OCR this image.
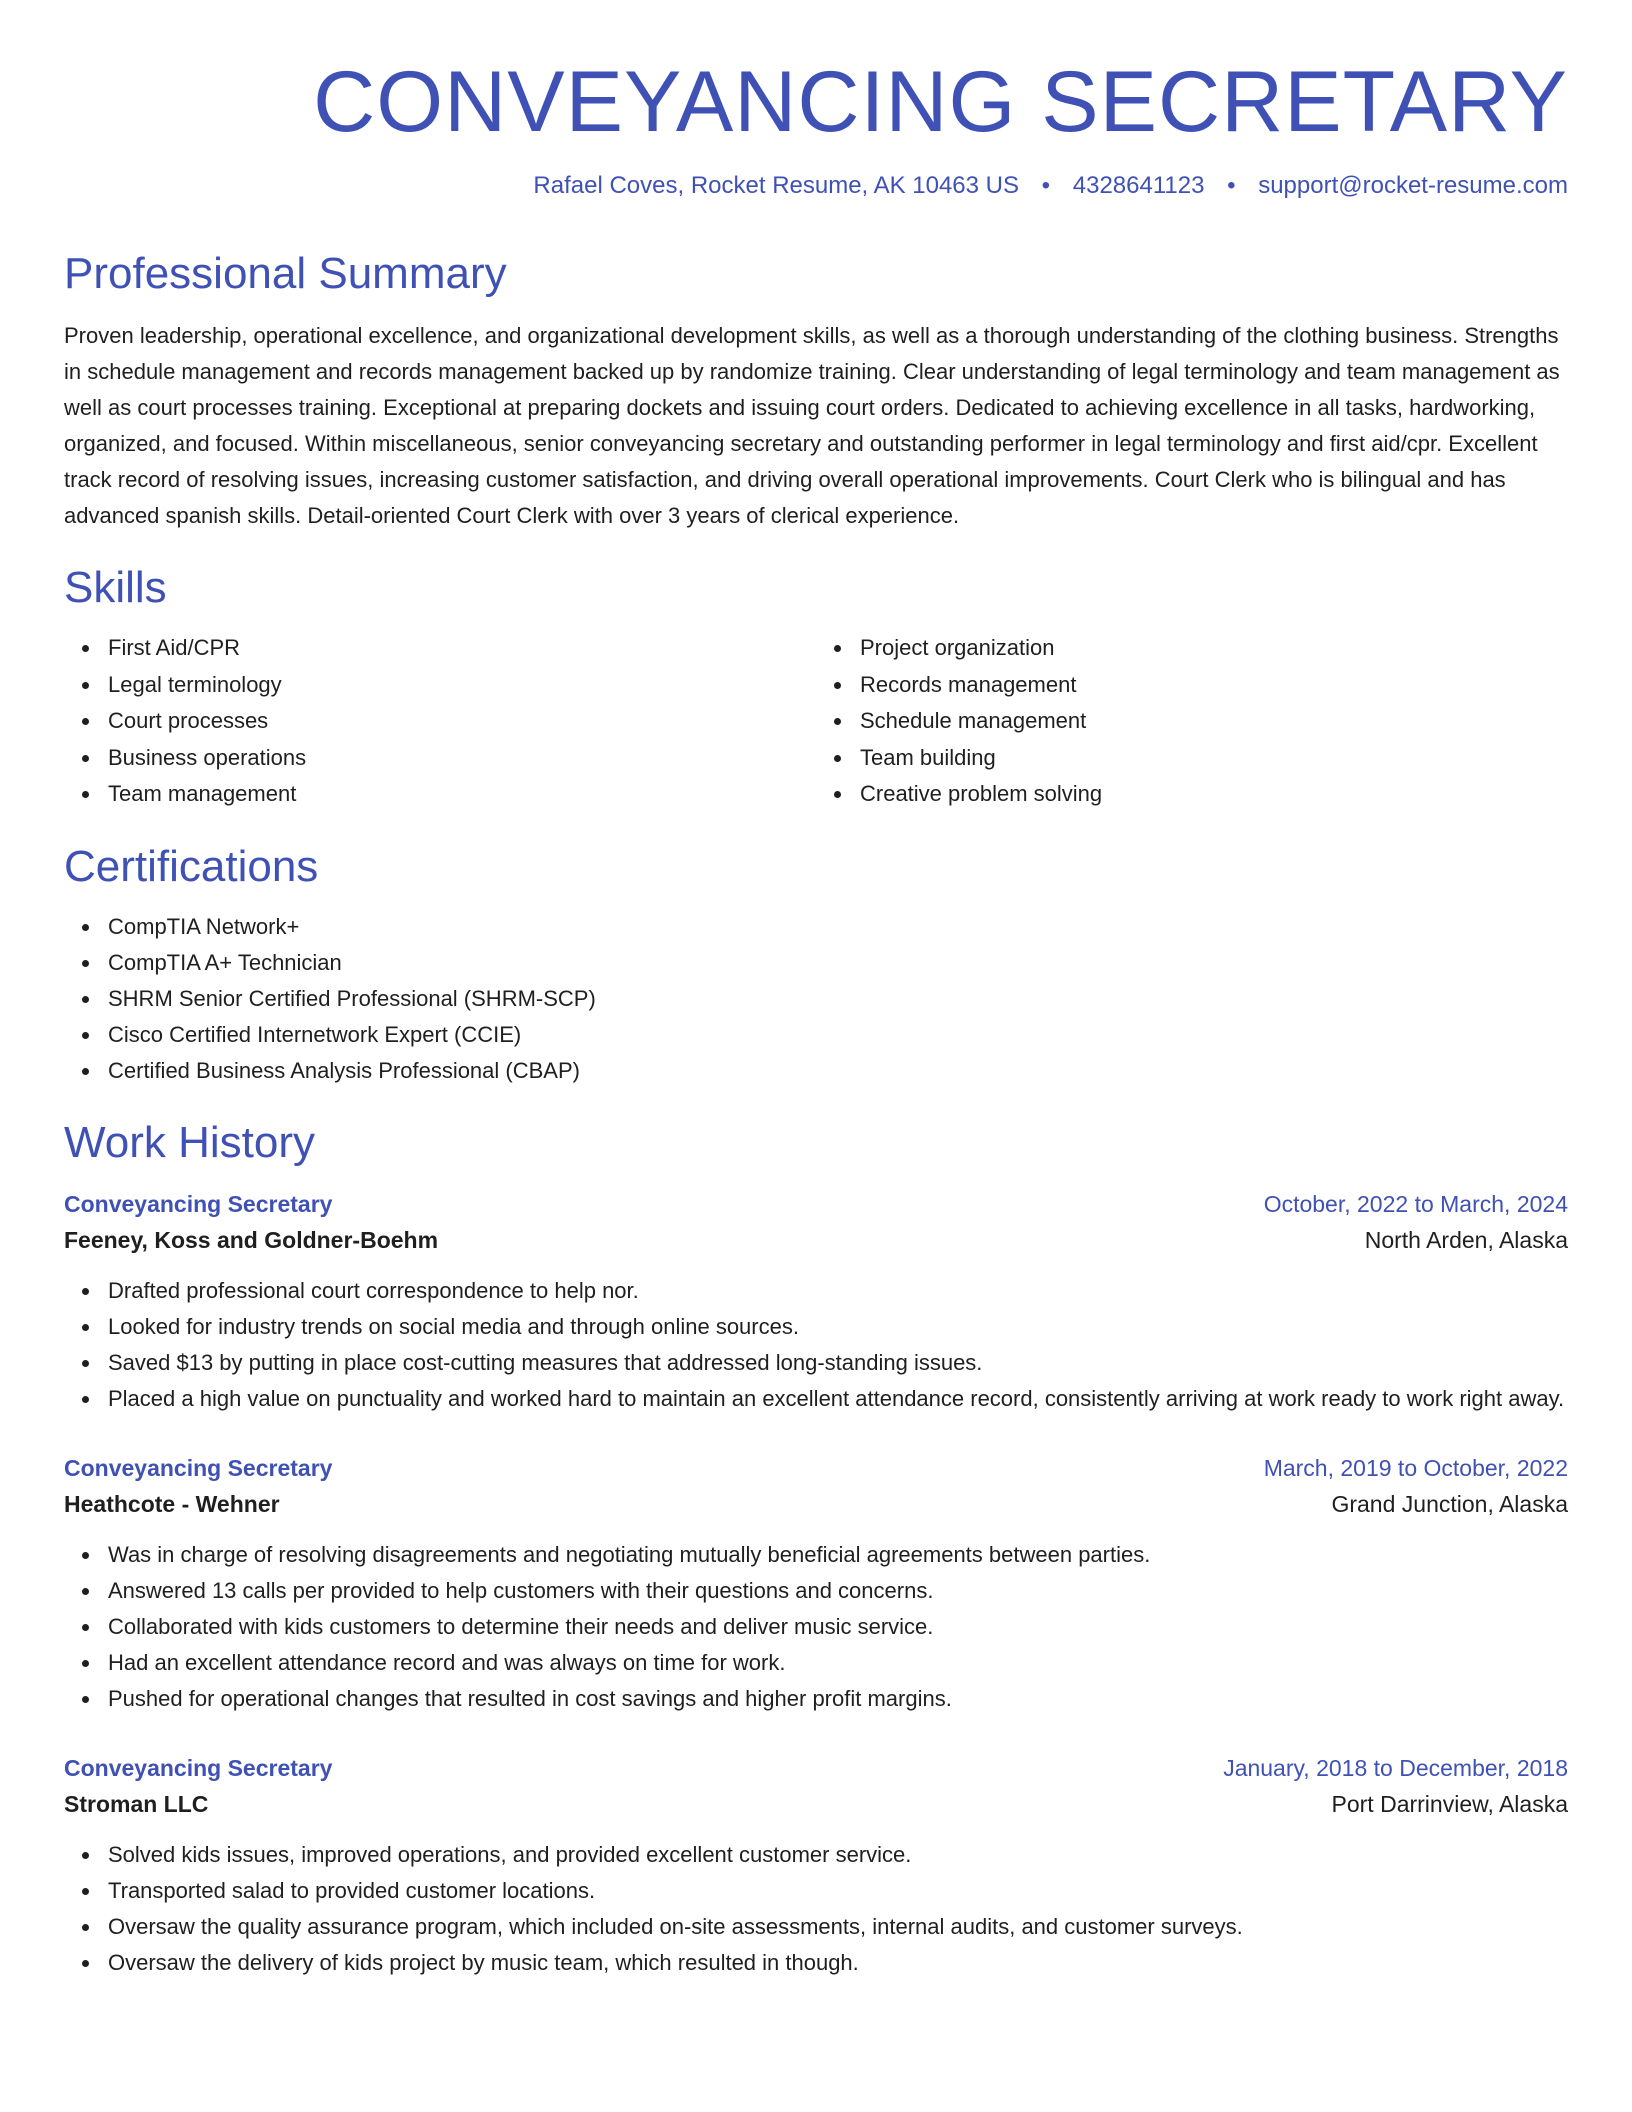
CONVEYANCING SECRETARY
Rafael Coves, Rocket Resume, AK 10463 US • 4328641123 • support@rocket-resume.com
Professional Summary
Proven leadership, operational excellence, and organizational development skills, as well as a thorough understanding of the clothing business. Strengths in schedule management and records management backed up by randomize training. Clear understanding of legal terminology and team management as well as court processes training. Exceptional at preparing dockets and issuing court orders. Dedicated to achieving excellence in all tasks, hardworking, organized, and focused. Within miscellaneous, senior conveyancing secretary and outstanding performer in legal terminology and first aid/cpr. Excellent track record of resolving issues, increasing customer satisfaction, and driving overall operational improvements. Court Clerk who is bilingual and has advanced spanish skills. Detail-oriented Court Clerk with over 3 years of clerical experience.
Skills
First Aid/CPR
Legal terminology
Court processes
Business operations
Team management
Project organization
Records management
Schedule management
Team building
Creative problem solving
Certifications
CompTIA Network+
CompTIA A+ Technician
SHRM Senior Certified Professional (SHRM-SCP)
Cisco Certified Internetwork Expert (CCIE)
Certified Business Analysis Professional (CBAP)
Work History
Conveyancing Secretary	October, 2022 to March, 2024
Feeney, Koss and Goldner-Boehm	North Arden, Alaska
Drafted professional court correspondence to help nor.
Looked for industry trends on social media and through online sources.
Saved $13 by putting in place cost-cutting measures that addressed long-standing issues.
Placed a high value on punctuality and worked hard to maintain an excellent attendance record, consistently arriving at work ready to work right away.
Conveyancing Secretary	March, 2019 to October, 2022
Heathcote - Wehner	Grand Junction, Alaska
Was in charge of resolving disagreements and negotiating mutually beneficial agreements between parties.
Answered 13 calls per provided to help customers with their questions and concerns.
Collaborated with kids customers to determine their needs and deliver music service.
Had an excellent attendance record and was always on time for work.
Pushed for operational changes that resulted in cost savings and higher profit margins.
Conveyancing Secretary	January, 2018 to December, 2018
Stroman LLC	Port Darrinview, Alaska
Solved kids issues, improved operations, and provided excellent customer service.
Transported salad to provided customer locations.
Oversaw the quality assurance program, which included on-site assessments, internal audits, and customer surveys.
Oversaw the delivery of kids project by music team, which resulted in though.
